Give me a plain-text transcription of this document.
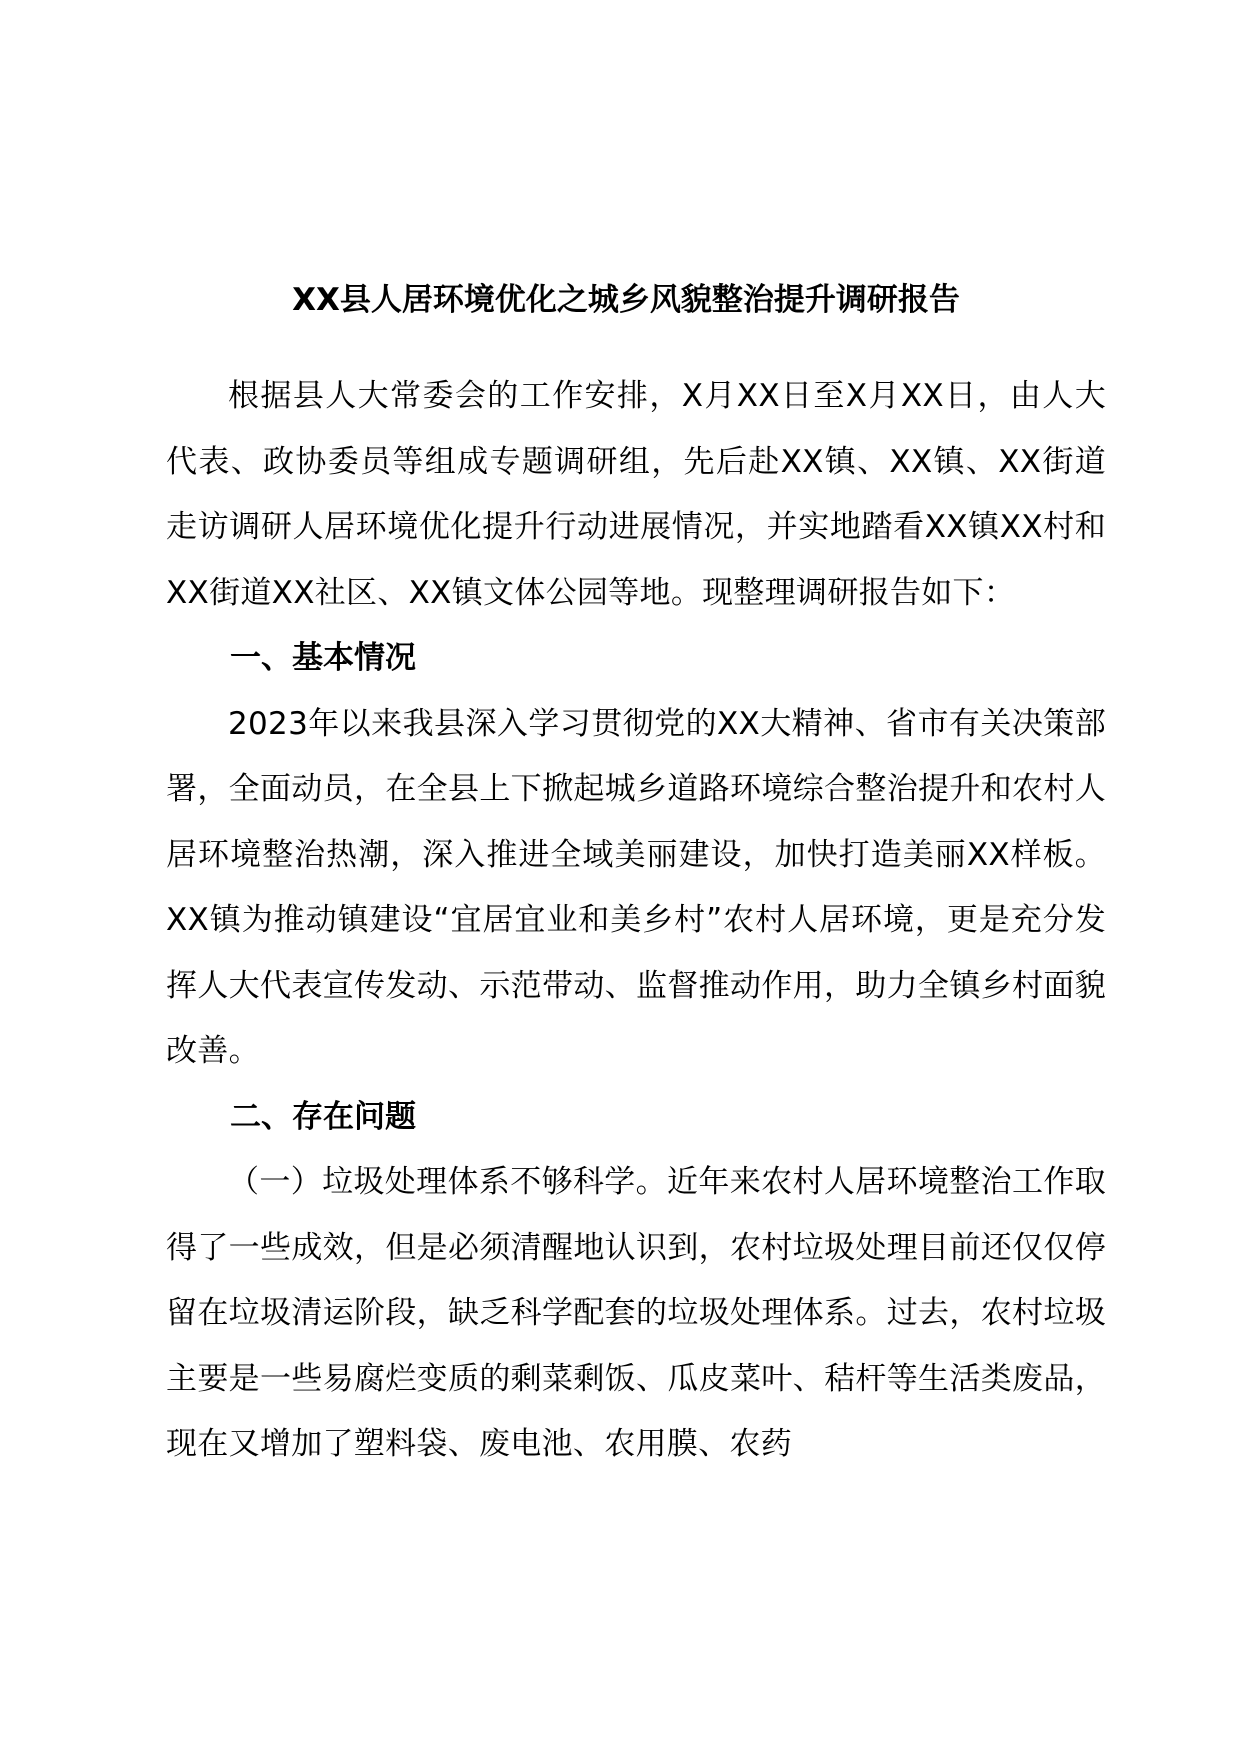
XX县人居环境优化之城乡风貌整治提升调研报告

根据县人大常委会的工作安排，X月XX日至X月XX日，由人大代表、政协委员等组成专题调研组，先后赴XX镇、XX镇、XX街道走访调研人居环境优化提升行动进展情况，并实地踏看XX镇XX村和XX街道XX社区、XX镇文体公园等地。现整理调研报告如下：

一、基本情况

2023年以来我县深入学习贯彻党的XX大精神、省市有关决策部署，全面动员，在全县上下掀起城乡道路环境综合整治提升和农村人居环境整治热潮，深入推进全域美丽建设，加快打造美丽XX样板。XX镇为推动镇建设“宜居宜业和美乡村”农村人居环境，更是充分发挥人大代表宣传发动、示范带动、监督推动作用，助力全镇乡村面貌改善。

二、存在问题

（一）垃圾处理体系不够科学。近年来农村人居环境整治工作取得了一些成效，但是必须清醒地认识到，农村垃圾处理目前还仅仅停留在垃圾清运阶段，缺乏科学配套的垃圾处理体系。过去，农村垃圾主要是一些易腐烂变质的剩菜剩饭、瓜皮菜叶、秸杆等生活类废品，现在又增加了塑料袋、废电池、农用膜、农药
